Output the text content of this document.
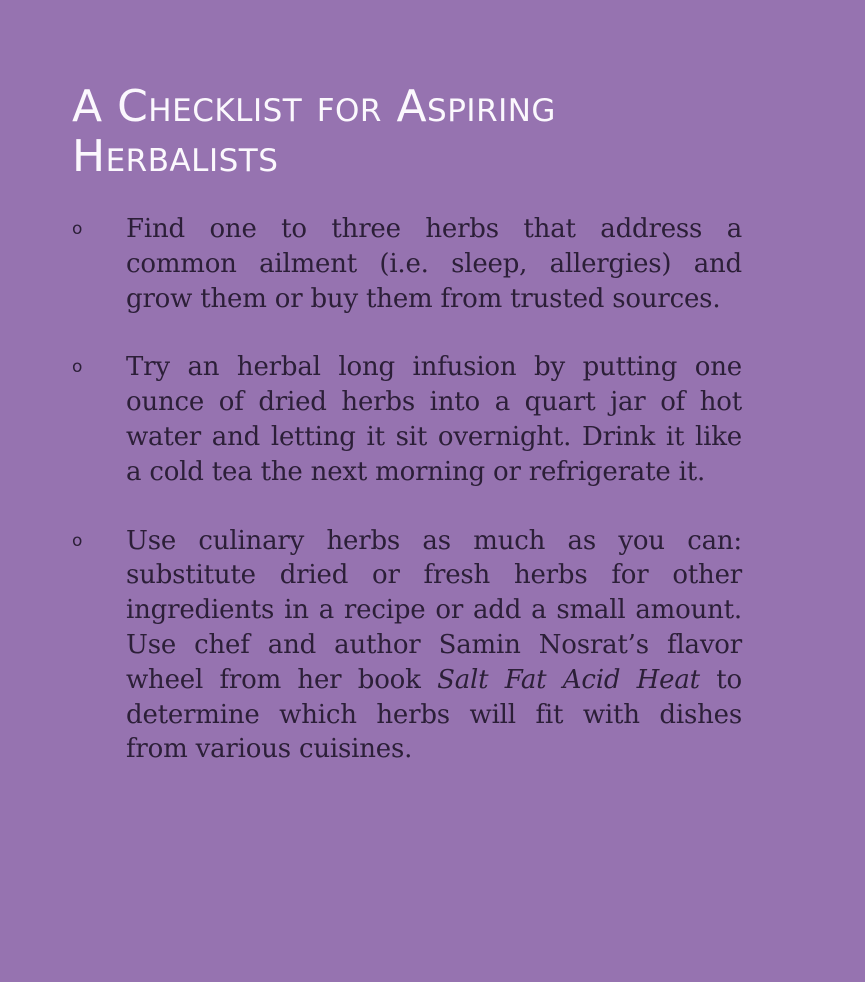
A Checklist for Aspiring Herbalists
o	Find one to three herbs that address a common ailment (i.e. sleep, allergies) and grow them or buy them from trusted sources.

o	Try an herbal long infusion by putting one ounce of dried herbs into a quart jar of hot water and letting it sit overnight. Drink it like a cold tea the next morning or refrigerate it.

o	Use culinary herbs as much as you can: substitute dried or fresh herbs for other ingredients in a recipe or add a small amount. Use chef and author Samin Nosrat’s flavor wheel from her book Salt Fat Acid Heat to determine which herbs will fit with dishes from various cuisines.
